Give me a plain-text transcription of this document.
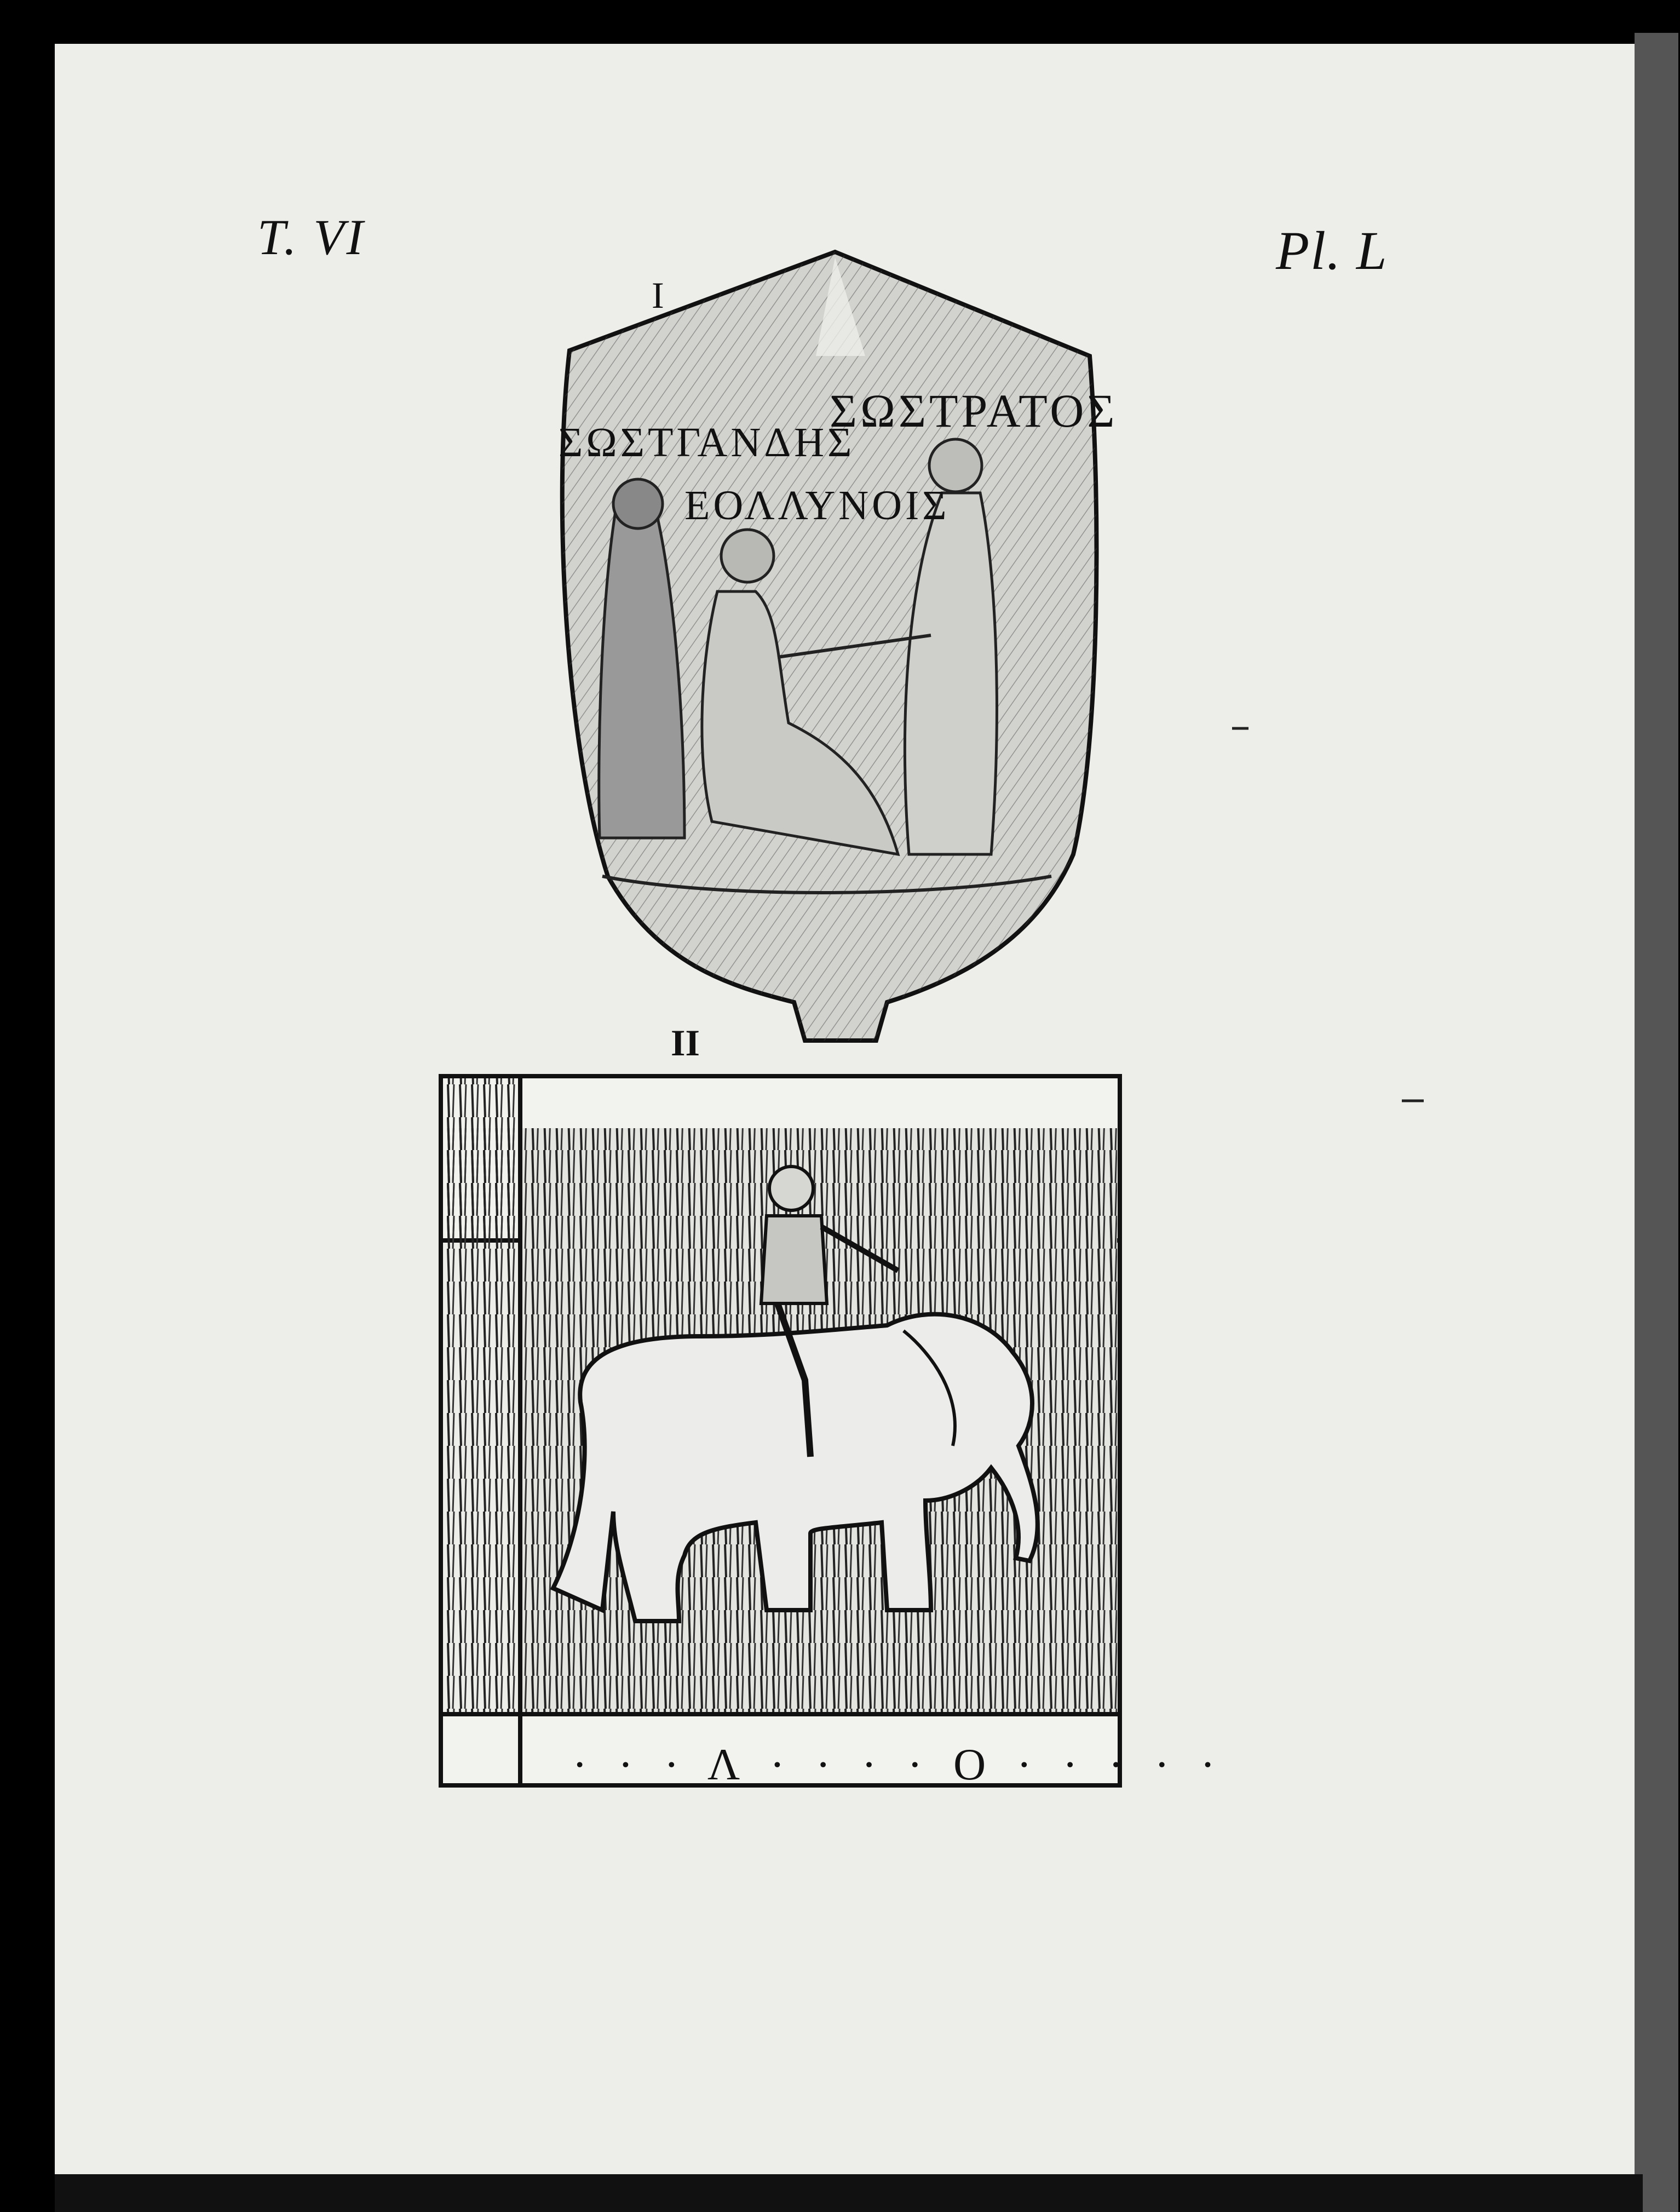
T. VI	Pl. L
I
II
ΣΩΣΤΡΑΤΟΣ
ΣΩΣΤΓΑΝΔΗΣ
ΕΟΛΛΥΝΟΙΣ
· · · Λ · · · · Ο · · · · ·
